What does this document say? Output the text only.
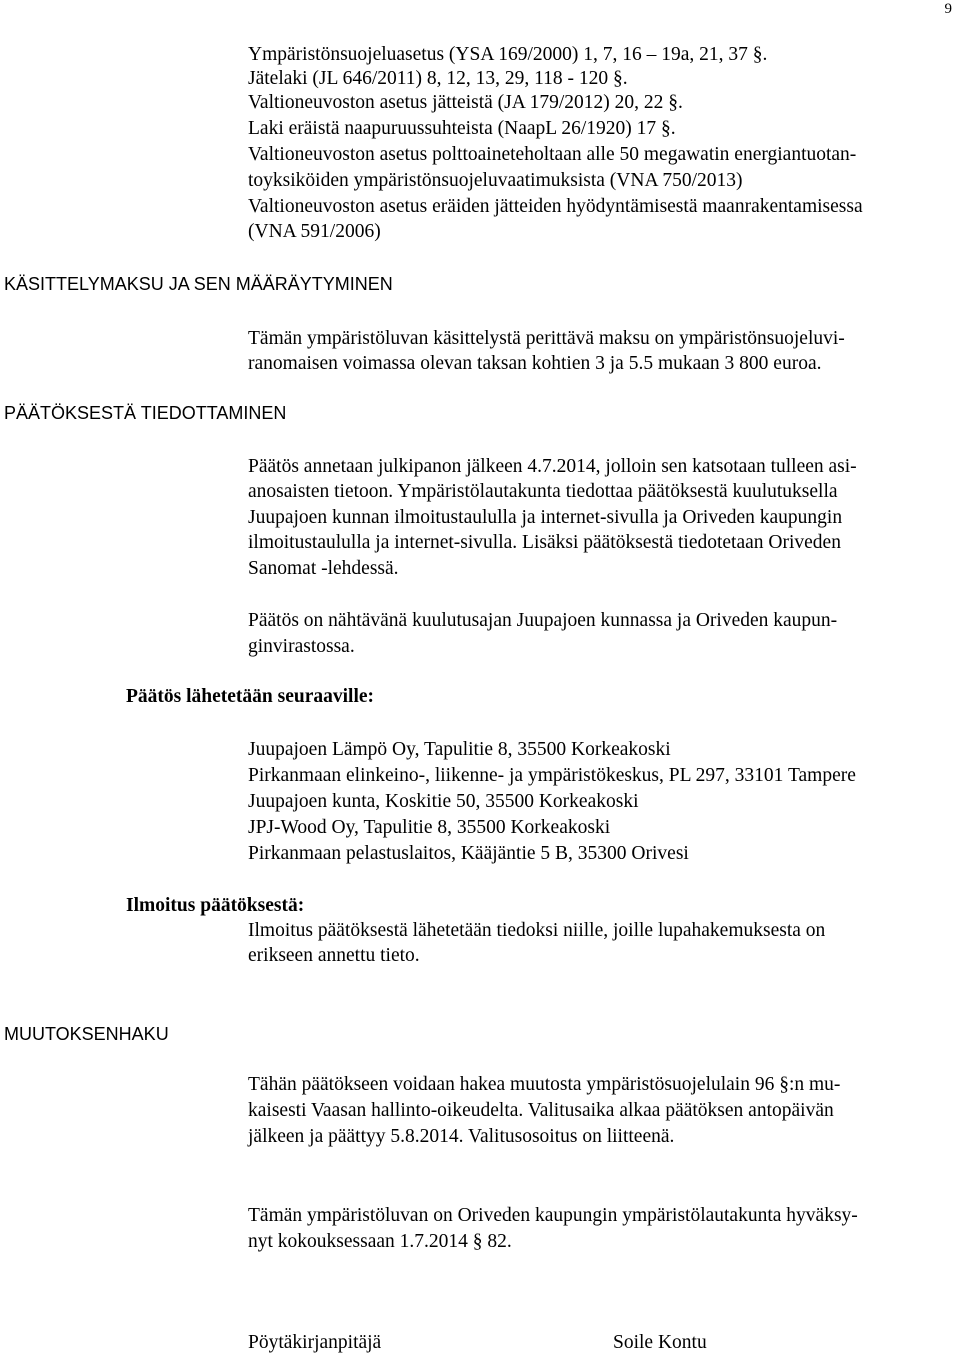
9
Ympäristönsuojeluasetus (YSA 169/2000) 1, 7, 16 – 19a, 21, 37 §.
Jätelaki (JL 646/2011) 8, 12, 13, 29, 118 - 120 §.
Valtioneuvoston asetus jätteistä (JA 179/2012) 20, 22 §.
Laki eräistä naapuruussuhteista (NaapL 26/1920) 17 §.
Valtioneuvoston asetus polttoaineteholtaan alle 50 megawatin energiantuotan-
toyksiköiden ympäristönsuojeluvaatimuksista (VNA 750/2013)
Valtioneuvoston asetus eräiden jätteiden hyödyntämisestä maanrakentamisessa
(VNA 591/2006)
KÄSITTELYMAKSU JA SEN MÄÄRÄYTYMINEN
Tämän ympäristöluvan käsittelystä perittävä maksu on ympäristönsuojeluvi-
ranomaisen voimassa olevan taksan kohtien 3 ja 5.5 mukaan 3 800 euroa.
PÄÄTÖKSESTÄ TIEDOTTAMINEN
Päätös annetaan julkipanon jälkeen 4.7.2014, jolloin sen katsotaan tulleen asi-
anosaisten tietoon. Ympäristölautakunta tiedottaa päätöksestä kuulutuksella
Juupajoen kunnan ilmoitustaululla ja internet-sivulla ja Oriveden kaupungin
ilmoitustaululla ja internet-sivulla. Lisäksi päätöksestä tiedotetaan Oriveden
Sanomat -lehdessä.
Päätös on nähtävänä kuulutusajan Juupajoen kunnassa ja Oriveden kaupun-
ginvirastossa.
Päätös lähetetään seuraaville:
Juupajoen Lämpö Oy, Tapulitie 8, 35500 Korkeakoski
Pirkanmaan elinkeino-, liikenne- ja ympäristökeskus, PL 297, 33101 Tampere
Juupajoen kunta, Koskitie 50, 35500 Korkeakoski
JPJ-Wood Oy, Tapulitie 8, 35500 Korkeakoski
Pirkanmaan pelastuslaitos, Kääjäntie 5 B, 35300 Orivesi
Ilmoitus päätöksestä:
Ilmoitus päätöksestä lähetetään tiedoksi niille, joille lupahakemuksesta on
erikseen annettu tieto.
MUUTOKSENHAKU
Tähän päätökseen voidaan hakea muutosta ympäristösuojelulain 96 §:n mu-
kaisesti Vaasan hallinto-oikeudelta. Valitusaika alkaa päätöksen antopäivän
jälkeen ja päättyy 5.8.2014. Valitusosoitus on liitteenä.
Tämän ympäristöluvan on Oriveden kaupungin ympäristölautakunta hyväksy-
nyt kokouksessaan 1.7.2014 § 82.
Pöytäkirjanpitäjä	Soile Kontu
